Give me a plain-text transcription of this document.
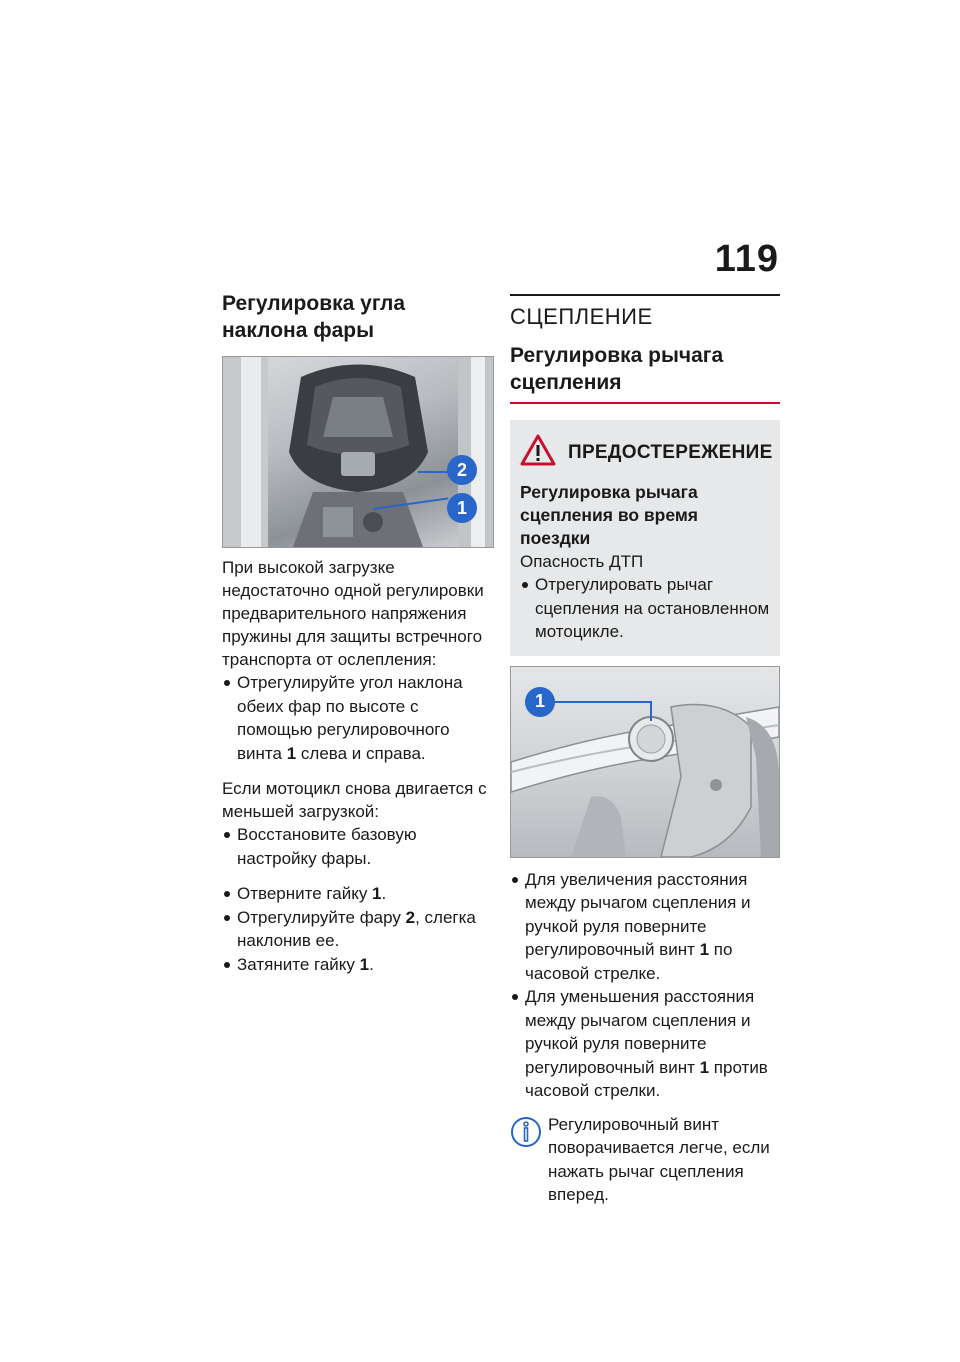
119
Регулировка угла наклона фары
2
1

При высокой загрузке недостаточно одной регулировки предварительного напряжения пружины для защиты встречного транспорта от ослепления:

Отрегулируйте угол наклона обеих фар по высоте с помощью регулировочного винта 1 слева и справа.

Если мотоцикл снова двигается с меньшей загрузкой:

Восстановите базовую настройку фары.
Отверните гайку 1.
Отрегулируйте фару 2, слегка наклонив ее.
Затяните гайку 1.
СЦЕПЛЕНИЕ
Регулировка рычага сцепления
ПРЕДОСТЕРЕЖЕНИЕ
Регулировка рычага сцепления во время поездки

Опасность ДТП

Отрегулировать рычаг сцепления на остановленном мотоцикле.
1
Для увеличения расстояния между рычагом сцепления и ручкой руля поверните регулировочный винт 1 по часовой стрелке.
Для уменьшения расстояния между рычагом сцепления и ручкой руля поверните регулировочный винт 1 против часовой стрелки.

Регулировочный винт поворачивается легче, если нажать рычаг сцепления вперед.
